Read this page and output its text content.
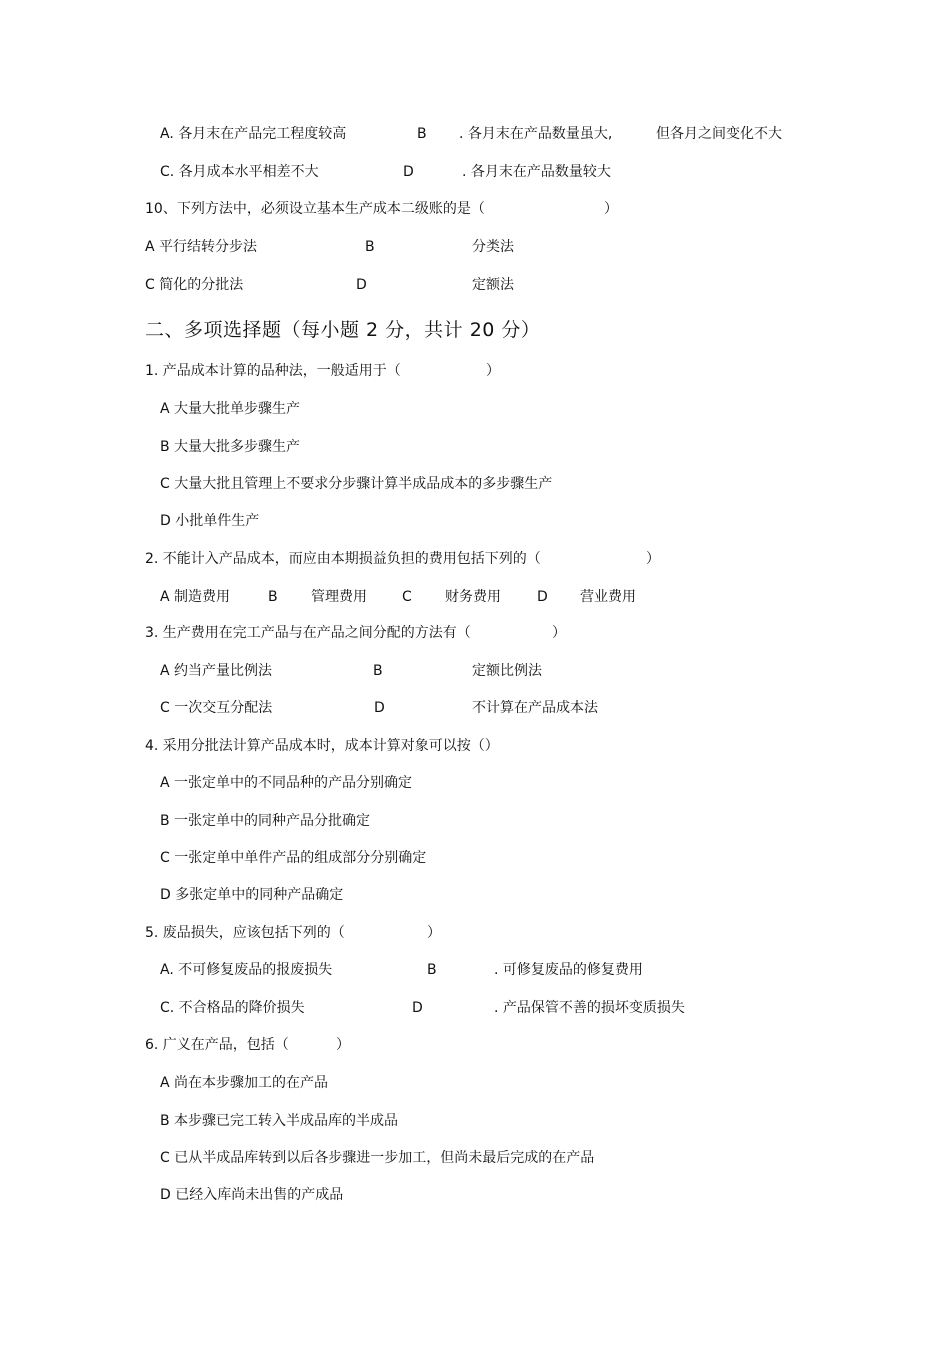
A. 各月末在产品完工程度较高	B . 各月末在产品数量虽大,	但各月之间变化不大
C. 各月成本水平相差不大	D	. 各月末在产品数量较大
10、下列方法中，必须设立基本生产成本二级账的是（	）
A 平行结转分步法	B	分类法
C 简化的分批法	D	定额法
二、多项选择题（每小题 2 分，共计 20 分）
1. 产品成本计算的品种法，一般适用于（	）
A 大量大批单步骤生产
B 大量大批多步骤生产
C 大量大批且管理上不要求分步骤计算半成品成本的多步骤生产
D 小批单件生产
2. 不能计入产品成本，而应由本期损益负担的费用包括下列的（	）
A 制造费用	B 管理费用	C 财务费用	D 营业费用
3. 生产费用在完工产品与在产品之间分配的方法有（	）
A 约当产量比例法	B	定额比例法
C 一次交互分配法	D	不计算在产品成本法
4. 采用分批法计算产品成本时，成本计算对象可以按（）
A 一张定单中的不同品种的产品分别确定
B 一张定单中的同种产品分批确定
C 一张定单中单件产品的组成部分分别确定
D 多张定单中的同种产品确定
5. 废品损失，应该包括下列的（	）
A. 不可修复废品的报废损失	B	. 可修复废品的修复费用
C. 不合格品的降价损失	D	. 产品保管不善的损坏变质损失
6. 广义在产品，包括（	）
A 尚在本步骤加工的在产品
B 本步骤已完工转入半成品库的半成品
C 已从半成品库转到以后各步骤进一步加工，但尚未最后完成的在产品
D 已经入库尚未出售的产成品
